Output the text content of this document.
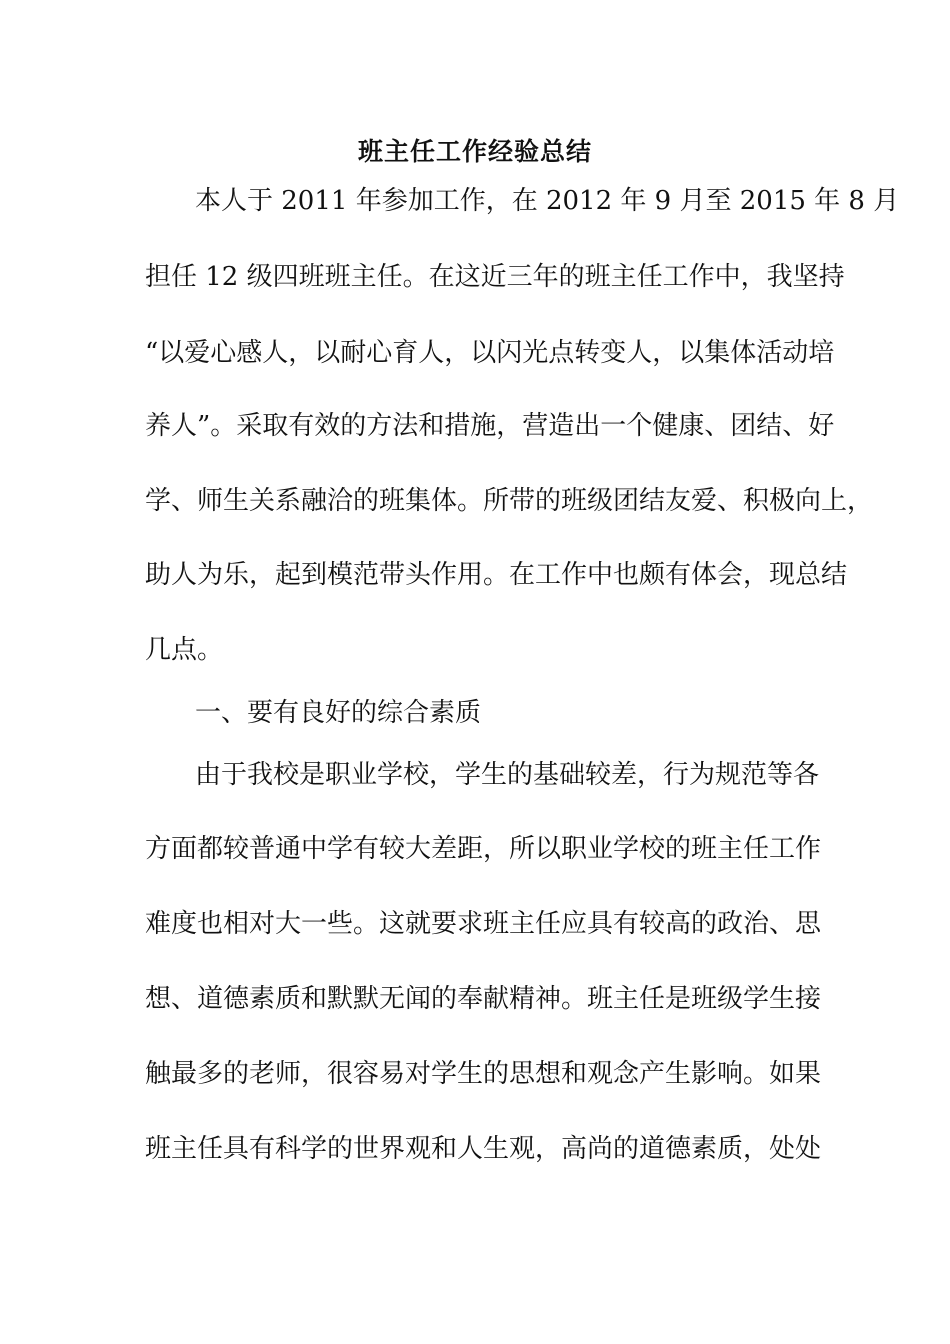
班主任工作经验总结

本人于 2011 年参加工作，在 2012 年 9 月至 2015 年 8 月

担任 12 级四班班主任。在这近三年的班主任工作中，我坚持

“以爱心感人，以耐心育人，以闪光点转变人，以集体活动培

养人”。采取有效的方法和措施，营造出一个健康、团结、好

学、师生关系融洽的班集体。所带的班级团结友爱、积极向上，

助人为乐，起到模范带头作用。在工作中也颇有体会，现总结

几点。

一、要有良好的综合素质

由于我校是职业学校，学生的基础较差，行为规范等各

方面都较普通中学有较大差距，所以职业学校的班主任工作

难度也相对大一些。这就要求班主任应具有较高的政治、思

想、道德素质和默默无闻的奉献精神。班主任是班级学生接

触最多的老师，很容易对学生的思想和观念产生影响。如果

班主任具有科学的世界观和人生观，高尚的道德素质，处处
